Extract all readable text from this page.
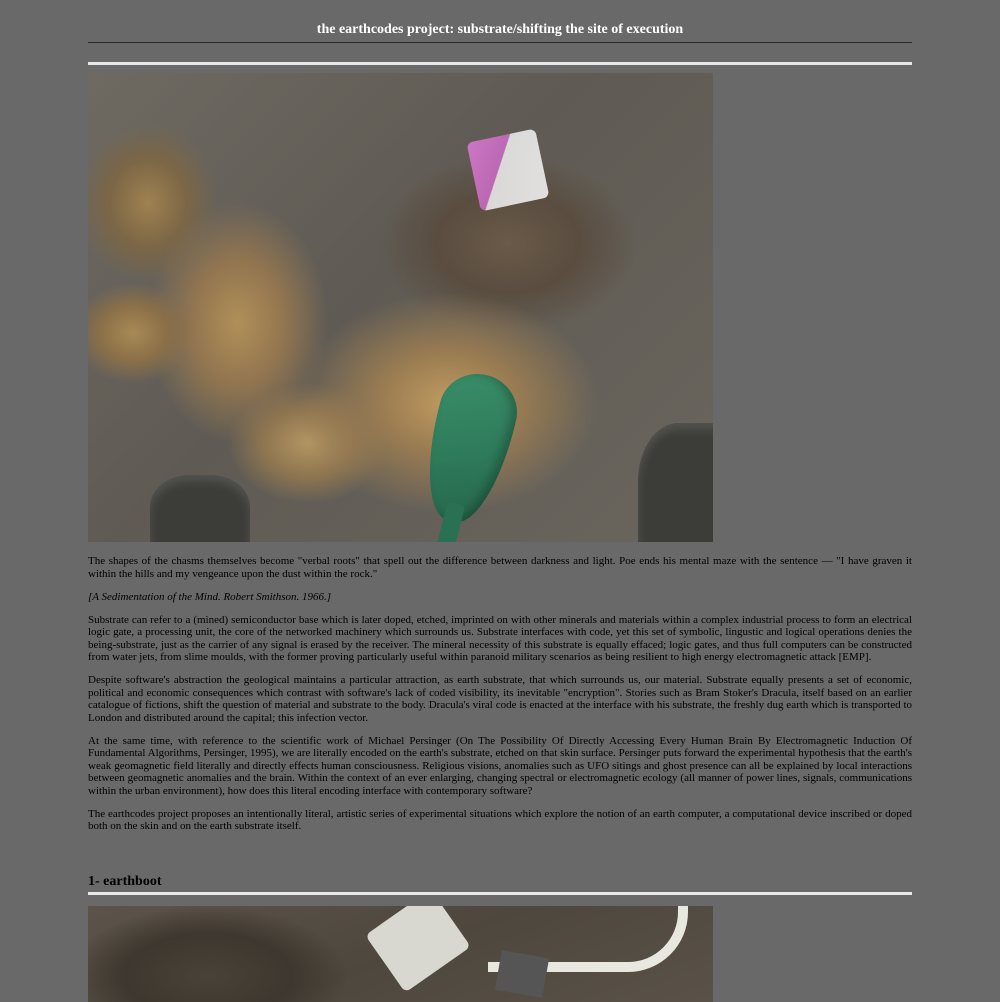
the earthcodes project: substrate/shifting the site of execution

The shapes of the chasms themselves become "verbal roots" that spell out the difference between darkness and light. Poe ends his mental maze with the sentence — "I have graven it within the hills and my vengeance upon the dust within the rock."

[A Sedimentation of the Mind. Robert Smithson. 1966.]

Substrate can refer to a (mined) semiconductor base which is later doped, etched, imprinted on with other minerals and materials within a complex industrial process to form an electrical logic gate, a processing unit, the core of the networked machinery which surrounds us. Substrate interfaces with code, yet this set of symbolic, lingustic and logical operations denies the being-substrate, just as the carrier of any signal is erased by the receiver. The mineral necessity of this substrate is equally effaced; logic gates, and thus full computers can be constructed from water jets, from slime moulds, with the former proving particularly useful within paranoid military scenarios as being resilient to high energy electromagnetic attack [EMP].

Despite software's abstraction the geological maintains a particular attraction, as earth substrate, that which surrounds us, our material. Substrate equally presents a set of economic, political and economic consequences which contrast with software's lack of coded visibility, its inevitable "encryption". Stories such as Bram Stoker's Dracula, itself based on an earlier catalogue of fictions, shift the question of material and substrate to the body. Dracula's viral code is enacted at the interface with his substrate, the freshly dug earth which is transported to London and distributed around the capital; this infection vector.

At the same time, with reference to the scientific work of Michael Persinger (On The Possibility Of Directly Accessing Every Human Brain By Electromagnetic Induction Of Fundamental Algorithms, Persinger, 1995), we are literally encoded on the earth's substrate, etched on that skin surface. Persinger puts forward the experimental hypothesis that the earth's weak geomagnetic field literally and directly effects human consciousness. Religious visions, anomalies such as UFO sitings and ghost presence can all be explained by local interactions between geomagnetic anomalies and the brain. Within the context of an ever enlarging, changing spectral or electromagnetic ecology (all manner of power lines, signals, communications within the urban environment), how does this literal encoding interface with contemporary software?

The earthcodes project proposes an intentionally literal, artistic series of experimental situations which explore the notion of an earth computer, a computational device inscribed or doped both on the skin and on the earth substrate itself.

1- earthboot
